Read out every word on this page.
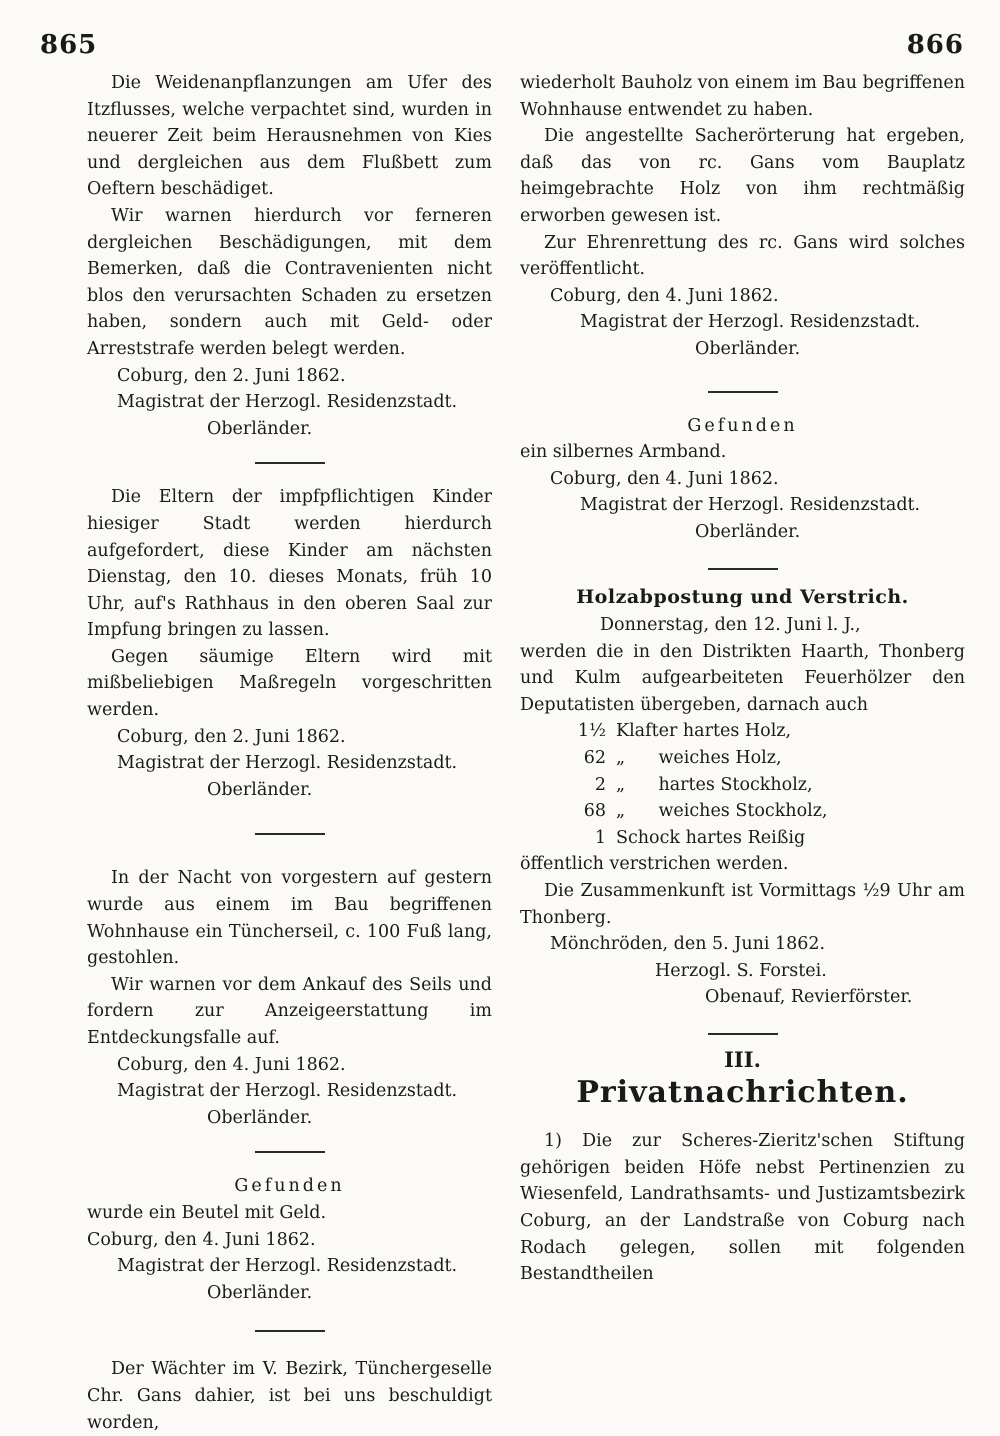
865	866

Die Weidenanpflanzungen am Ufer des Itzflusses, welche verpachtet sind, wurden in neuerer Zeit beim Herausnehmen von Kies und dergleichen aus dem Flußbett zum Oeftern beschädiget.

Wir warnen hierdurch vor ferneren dergleichen Beschädigungen, mit dem Bemerken, daß die Contravenienten nicht blos den verursachten Schaden zu ersetzen haben, sondern auch mit Geld- oder Arreststrafe werden belegt werden.

Coburg, den 2. Juni 1862.

Magistrat der Herzogl. Residenzstadt.

Oberländer.

Die Eltern der impfpflichtigen Kinder hiesiger Stadt werden hierdurch aufgefordert, diese Kinder am nächsten Dienstag, den 10. dieses Monats, früh 10 Uhr, auf's Rathhaus in den oberen Saal zur Impfung bringen zu lassen.

Gegen säumige Eltern wird mit mißbeliebigen Maßregeln vorgeschritten werden.

Coburg, den 2. Juni 1862.

Magistrat der Herzogl. Residenzstadt.

Oberländer.

In der Nacht von vorgestern auf gestern wurde aus einem im Bau begriffenen Wohnhause ein Tüncherseil, c. 100 Fuß lang, gestohlen.

Wir warnen vor dem Ankauf des Seils und fordern zur Anzeigeerstattung im Entdeckungsfalle auf.

Coburg, den 4. Juni 1862.

Magistrat der Herzogl. Residenzstadt.

Oberländer.

Gefunden

wurde ein Beutel mit Geld.

Coburg, den 4. Juni 1862.

Magistrat der Herzogl. Residenzstadt.

Oberländer.

Der Wächter im V. Bezirk, Tünchergeselle Chr. Gans dahier, ist bei uns beschuldigt worden,

wiederholt Bauholz von einem im Bau begriffenen Wohnhause entwendet zu haben.

Die angestellte Sacherörterung hat ergeben, daß das von rc. Gans vom Bauplatz heimgebrachte Holz von ihm rechtmäßig erworben gewesen ist.

Zur Ehrenrettung des rc. Gans wird solches veröffentlicht.

Coburg, den 4. Juni 1862.

Magistrat der Herzogl. Residenzstadt.

Oberländer.

Gefunden

ein silbernes Armband.

Coburg, den 4. Juni 1862.

Magistrat der Herzogl. Residenzstadt.

Oberländer.

Holzabpostung und Verstrich.

Donnerstag, den 12. Juni l. J.,

werden die in den Distrikten Haarth, Thonberg und Kulm aufgearbeiteten Feuerhölzer den Deputatisten übergeben, darnach auch

1½ Klafter hartes Holz,
62 „      weiches Holz,
2 „      hartes Stockholz,
68 „      weiches Stockholz,
1 Schock hartes Reißig

öffentlich verstrichen werden.

Die Zusammenkunft ist Vormittags ½9 Uhr am Thonberg.

Mönchröden, den 5. Juni 1862.

Herzogl. S. Forstei.

Obenauf, Revierförster.

III.

Privatnachrichten.

1) Die zur Scheres-Zieritz'schen Stiftung gehörigen beiden Höfe nebst Pertinenzien zu Wiesenfeld, Landrathsamts- und Justizamtsbezirk Coburg, an der Landstraße von Coburg nach Rodach gelegen, sollen mit folgenden Bestandtheilen
